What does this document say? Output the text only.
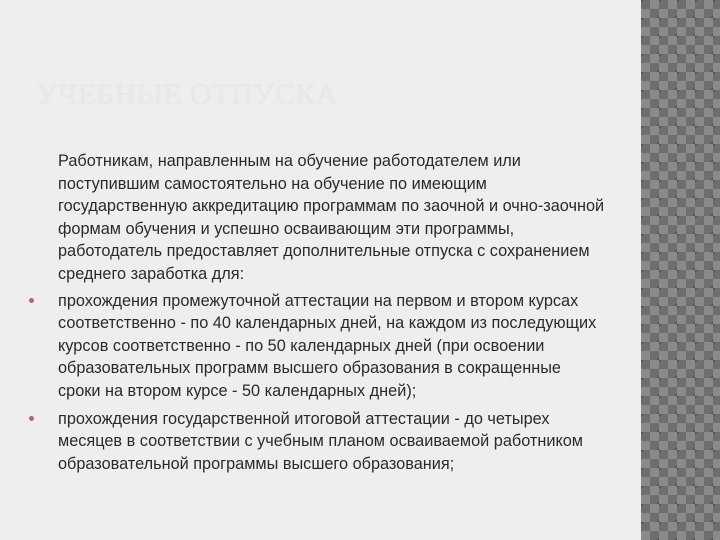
УЧЕБНЫЕ ОТПУСКА

Работникам, направленным на обучение работодателем или поступившим самостоятельно на обучение по имеющим государственную аккредитацию программам по заочной и очно-заочной формам обучения и успешно осваивающим эти программы, работодатель предоставляет дополнительные отпуска с сохранением среднего заработка для:

прохождения промежуточной аттестации на первом и втором курсах соответственно - по 40 календарных дней, на каждом из последующих курсов соответственно - по 50 календарных дней (при освоении образовательных программ высшего образования в сокращенные сроки на втором курсе - 50 календарных дней);
прохождения государственной итоговой аттестации - до четырех месяцев в соответствии с учебным планом осваиваемой работником образовательной программы высшего образования;
